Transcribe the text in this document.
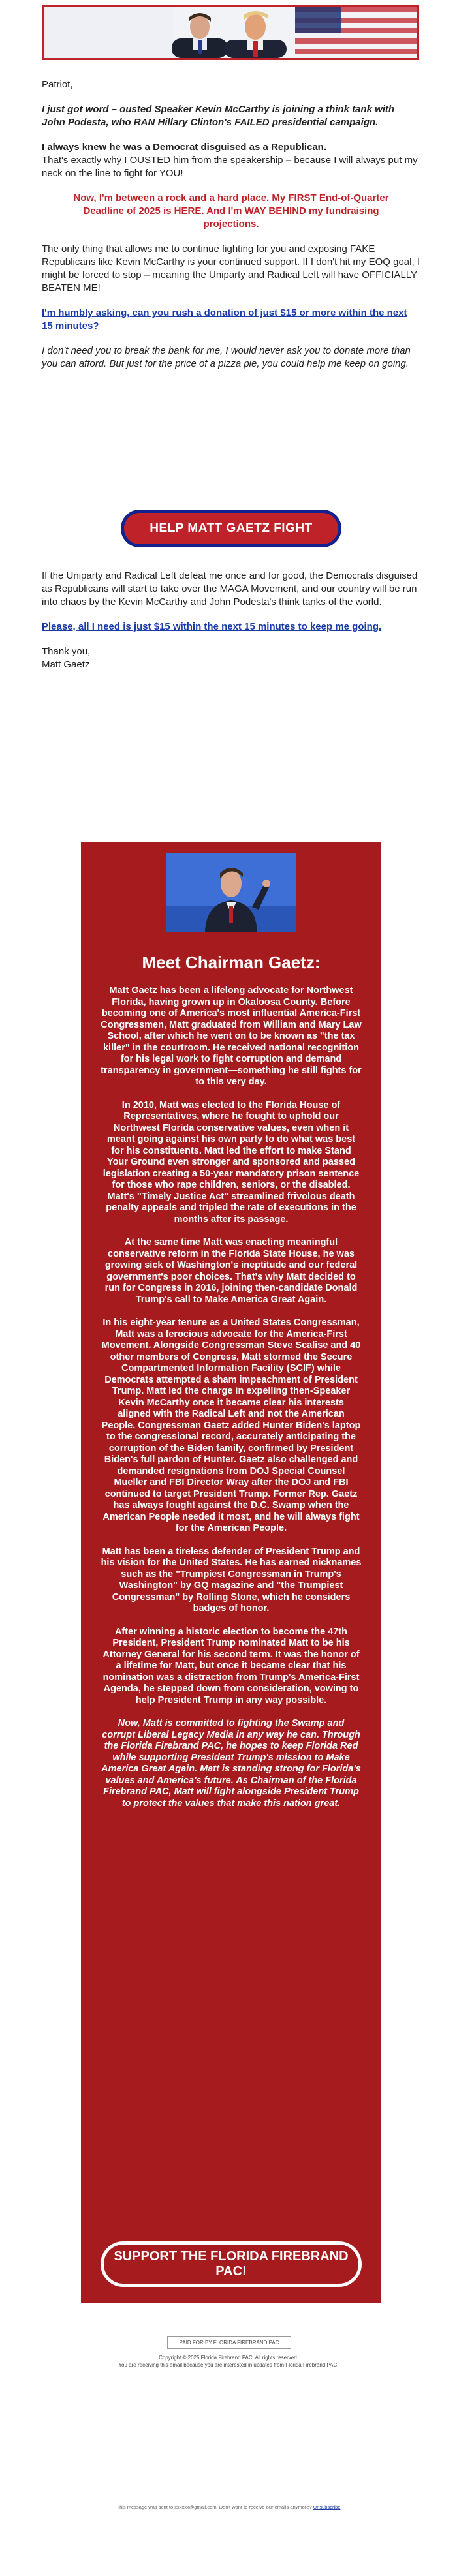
Patriot,

I just got word – ousted Speaker Kevin McCarthy is joining a think tank with John Podesta, who RAN Hillary Clinton's FAILED presidential campaign.

I always knew he was a Democrat disguised as a Republican.
That's exactly why I OUSTED him from the speakership – because I will always put my neck on the line to fight for YOU!

Now, I'm between a rock and a hard place. My FIRST End-of-Quarter Deadline of 2025 is HERE. And I'm WAY BEHIND my fundraising projections.

The only thing that allows me to continue fighting for you and exposing FAKE Republicans like Kevin McCarthy is your continued support. If I don't hit my EOQ goal, I might be forced to stop – meaning the Uniparty and Radical Left will have OFFICIALLY BEATEN ME!

I'm humbly asking, can you rush a donation of just $15 or more within the next 15 minutes?

I don't need you to break the bank for me, I would never ask you to donate more than you can afford. But just for the price of a pizza pie, you could help me keep on going.

HELP MATT GAETZ FIGHT

If the Uniparty and Radical Left defeat me once and for good, the Democrats disguised as Republicans will start to take over the MAGA Movement, and our country will be run into chaos by the Kevin McCarthy and John Podesta's think tanks of the world.

Please, all I need is just $15 within the next 15 minutes to keep me going.

Thank you,

Matt Gaetz

Meet Chairman Gaetz:

Matt Gaetz has been a lifelong advocate for Northwest Florida, having grown up in Okaloosa County. Before becoming one of America's most influential America-First Congressmen, Matt graduated from William and Mary Law School, after which he went on to be known as "the tax killer" in the courtroom. He received national recognition for his legal work to fight corruption and demand transparency in government—something he still fights for to this very day.

In 2010, Matt was elected to the Florida House of Representatives, where he fought to uphold our Northwest Florida conservative values, even when it meant going against his own party to do what was best for his constituents. Matt led the effort to make Stand Your Ground even stronger and sponsored and passed legislation creating a 50-year mandatory prison sentence for those who rape children, seniors, or the disabled. Matt's "Timely Justice Act" streamlined frivolous death penalty appeals and tripled the rate of executions in the months after its passage.

At the same time Matt was enacting meaningful conservative reform in the Florida State House, he was growing sick of Washington's ineptitude and our federal government's poor choices. That's why Matt decided to run for Congress in 2016, joining then-candidate Donald Trump's call to Make America Great Again.

In his eight-year tenure as a United States Congressman, Matt was a ferocious advocate for the America-First Movement. Alongside Congressman Steve Scalise and 40 other members of Congress, Matt stormed the Secure Compartmented Information Facility (SCIF) while Democrats attempted a sham impeachment of President Trump. Matt led the charge in expelling then-Speaker Kevin McCarthy once it became clear his interests aligned with the Radical Left and not the American People. Congressman Gaetz added Hunter Biden's laptop to the congressional record, accurately anticipating the corruption of the Biden family, confirmed by President Biden's full pardon of Hunter. Gaetz also challenged and demanded resignations from DOJ Special Counsel Mueller and FBI Director Wray after the DOJ and FBI continued to target President Trump. Former Rep. Gaetz has always fought against the D.C. Swamp when the American People needed it most, and he will always fight for the American People.

Matt has been a tireless defender of President Trump and his vision for the United States. He has earned nicknames such as the "Trumpiest Congressman in Trump's Washington" by GQ magazine and "the Trumpiest Congressman" by Rolling Stone, which he considers badges of honor.

After winning a historic election to become the 47th President, President Trump nominated Matt to be his Attorney General for his second term. It was the honor of a lifetime for Matt, but once it became clear that his nomination was a distraction from Trump's America-First Agenda, he stepped down from consideration, vowing to help President Trump in any way possible.

Now, Matt is committed to fighting the Swamp and corrupt Liberal Legacy Media in any way he can. Through the Florida Firebrand PAC, he hopes to keep Florida Red while supporting President Trump's mission to Make America Great Again. Matt is standing strong for Florida's values and America's future. As Chairman of the Florida Firebrand PAC, Matt will fight alongside President Trump to protect the values that make this nation great.

SUPPORT THE FLORIDA FIREBRAND PAC!
PAID FOR BY FLORIDA FIREBRAND PAC
Copyright © 2025 Florida Firebrand PAC. All rights reserved.
You are receiving this email because you are interested in updates from Florida Firebrand PAC.
This message was sent to xxxxxx@gmail.com. Don't want to receive our emails anymore? Unsubscribe
